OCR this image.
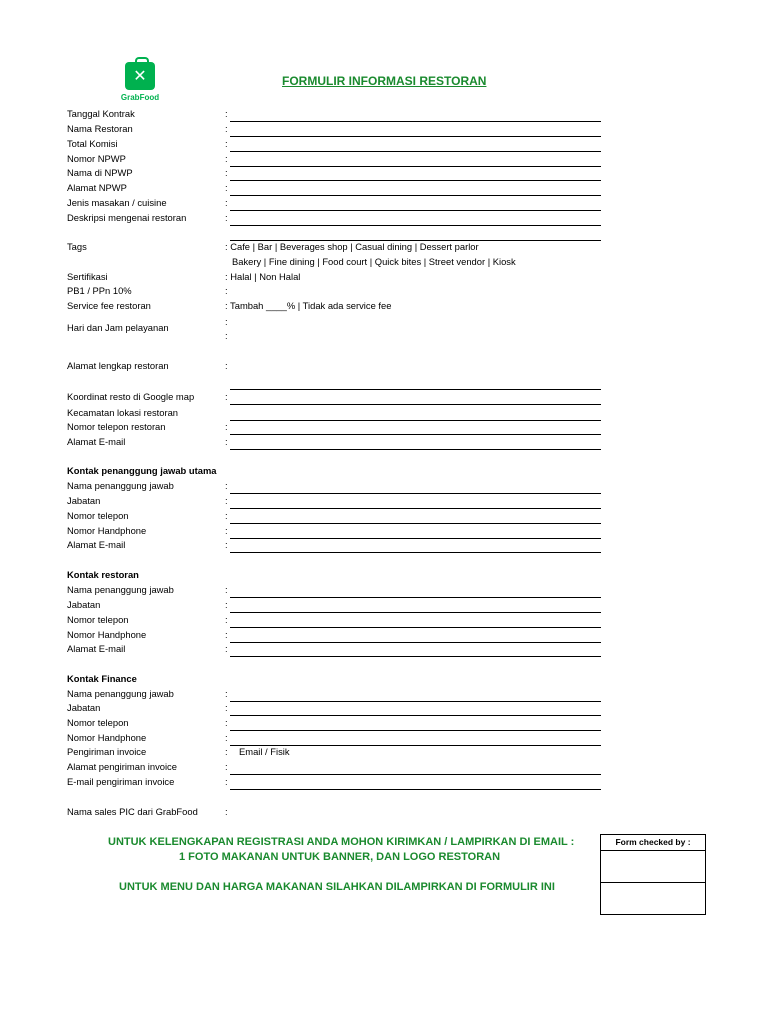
✕
GrabFood
FORMULIR INFORMASI RESTORAN
Tanggal Kontrak	:
Nama Restoran	:
Total Komisi	:
Nomor NPWP	:
Nama di NPWP	:
Alamat NPWP	:
Jenis masakan / cuisine	:
Deskripsi mengenai restoran	:
Tags	: Cafe | Bar | Beverages shop | Casual dining | Dessert parlor
Bakery | Fine dining | Food court | Quick bites | Street vendor | Kiosk
Sertifikasi	: Halal | Non Halal
PB1 / PPn 10%	:
Service fee restoran	: Tambah ____% | Tidak ada service fee
Hari dan Jam pelayanan
:
:
Alamat lengkap restoran	:
Koordinat resto di Google map	:
Kecamatan lokasi restoran
Nomor telepon restoran	:
Alamat E-mail	:
Kontak penanggung jawab utama
Nama penanggung jawab	:
Jabatan	:
Nomor telepon	:
Nomor Handphone	:
Alamat E-mail	:
Kontak restoran
Nama penanggung jawab	:
Jabatan	:
Nomor telepon	:
Nomor Handphone	:
Alamat E-mail	:
Kontak Finance
Nama penanggung jawab	:
Jabatan	:
Nomor telepon	:
Nomor Handphone	:
Pengiriman invoice	: Email / Fisik
Alamat pengiriman invoice	:
E-mail pengiriman invoice	:
Nama sales PIC dari GrabFood	:
UNTUK KELENGKAPAN REGISTRASI ANDA MOHON KIRIMKAN / LAMPIRKAN DI EMAIL :
1 FOTO MAKANAN UNTUK BANNER, DAN LOGO RESTORAN
UNTUK MENU DAN HARGA MAKANAN SILAHKAN DILAMPIRKAN DI FORMULIR INI
Form checked by :
